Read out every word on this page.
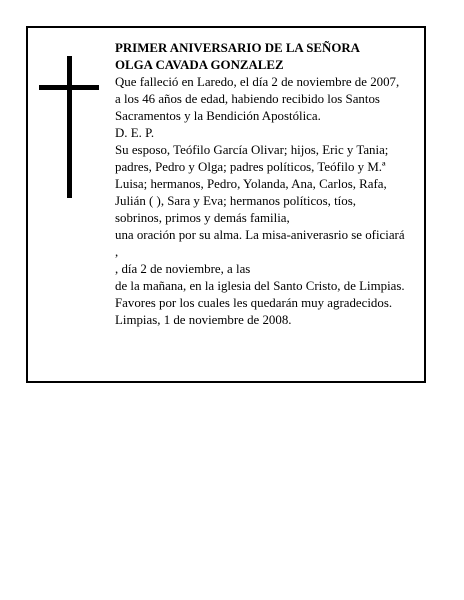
PRIMER ANIVERSARIO DE LA SEÑORA
OLGA CAVADA GONZALEZ
Que falleció en Laredo, el día 2 de noviembre de 2007,
a los 46 años de edad, habiendo recibido los Santos
Sacramentos y la Bendición Apostólica.
D. E. P.
Su esposo, Teófilo García Olivar; hijos, Eric y Tania;
padres, Pedro y Olga; padres políticos, Teófilo y M.ª
Luisa; hermanos, Pedro, Yolanda, Ana, Carlos, Rafa,
Julián ( ), Sara y Eva; hermanos políticos, tíos,
sobrinos, primos y demás familia,
una oración por su alma. La misa-aniverasrio se oficiará
,
, día 2 de noviembre, a las
de la mañana, en la iglesia del Santo Cristo, de Limpias.
Favores por los cuales les quedarán muy agradecidos.
Limpias, 1 de noviembre de 2008.
